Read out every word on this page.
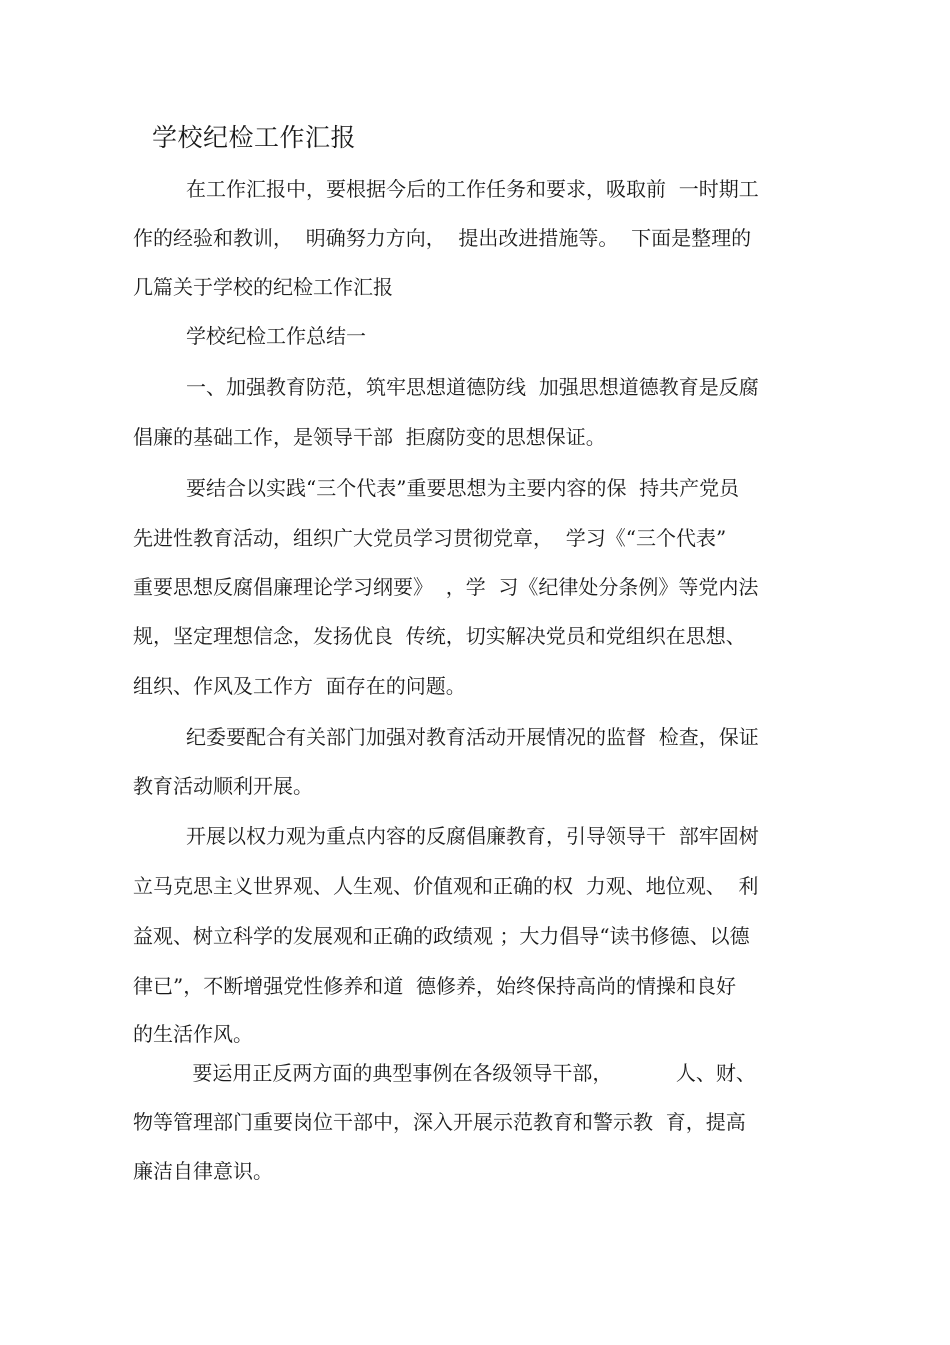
学校纪检工作汇报
在工作汇报中，要根据今后的工作任务和要求，吸取前  一时期工
作的经验和教训，  明确努力方向，  提出改进措施等。  下面是整理的
几篇关于学校的纪检工作汇报
学校纪检工作总结一
一、加强教育防范，筑牢思想道德防线  加强思想道德教育是反腐
倡廉的基础工作，是领导干部  拒腐防变的思想保证。
要结合以实践“三个代表”重要思想为主要内容的保  持共产党员
先进性教育活动，组织广大党员学习贯彻党章，  学习《“三个代表”
重要思想反腐倡廉理论学习纲要》  ，学  习《纪律处分条例》等党内法
规，坚定理想信念，发扬优良  传统，切实解决党员和党组织在思想、
组织、作风及工作方  面存在的问题。
纪委要配合有关部门加强对教育活动开展情况的监督  检查，保证
教育活动顺利开展。
开展以权力观为重点内容的反腐倡廉教育，引导领导干  部牢固树
立马克思主义世界观、人生观、价值观和正确的权  力观、地位观、  利
益观、树立科学的发展观和正确的政绩观 ；大力倡导“读书修德、以德
律已”，不断增强党性修养和道  德修养，始终保持高尚的情操和良好
的生活作风。
要运用正反两方面的典型事例在各级领导干部，          人、财、
物等管理部门重要岗位干部中，深入开展示范教育和警示教  育，提高
廉洁自律意识。
